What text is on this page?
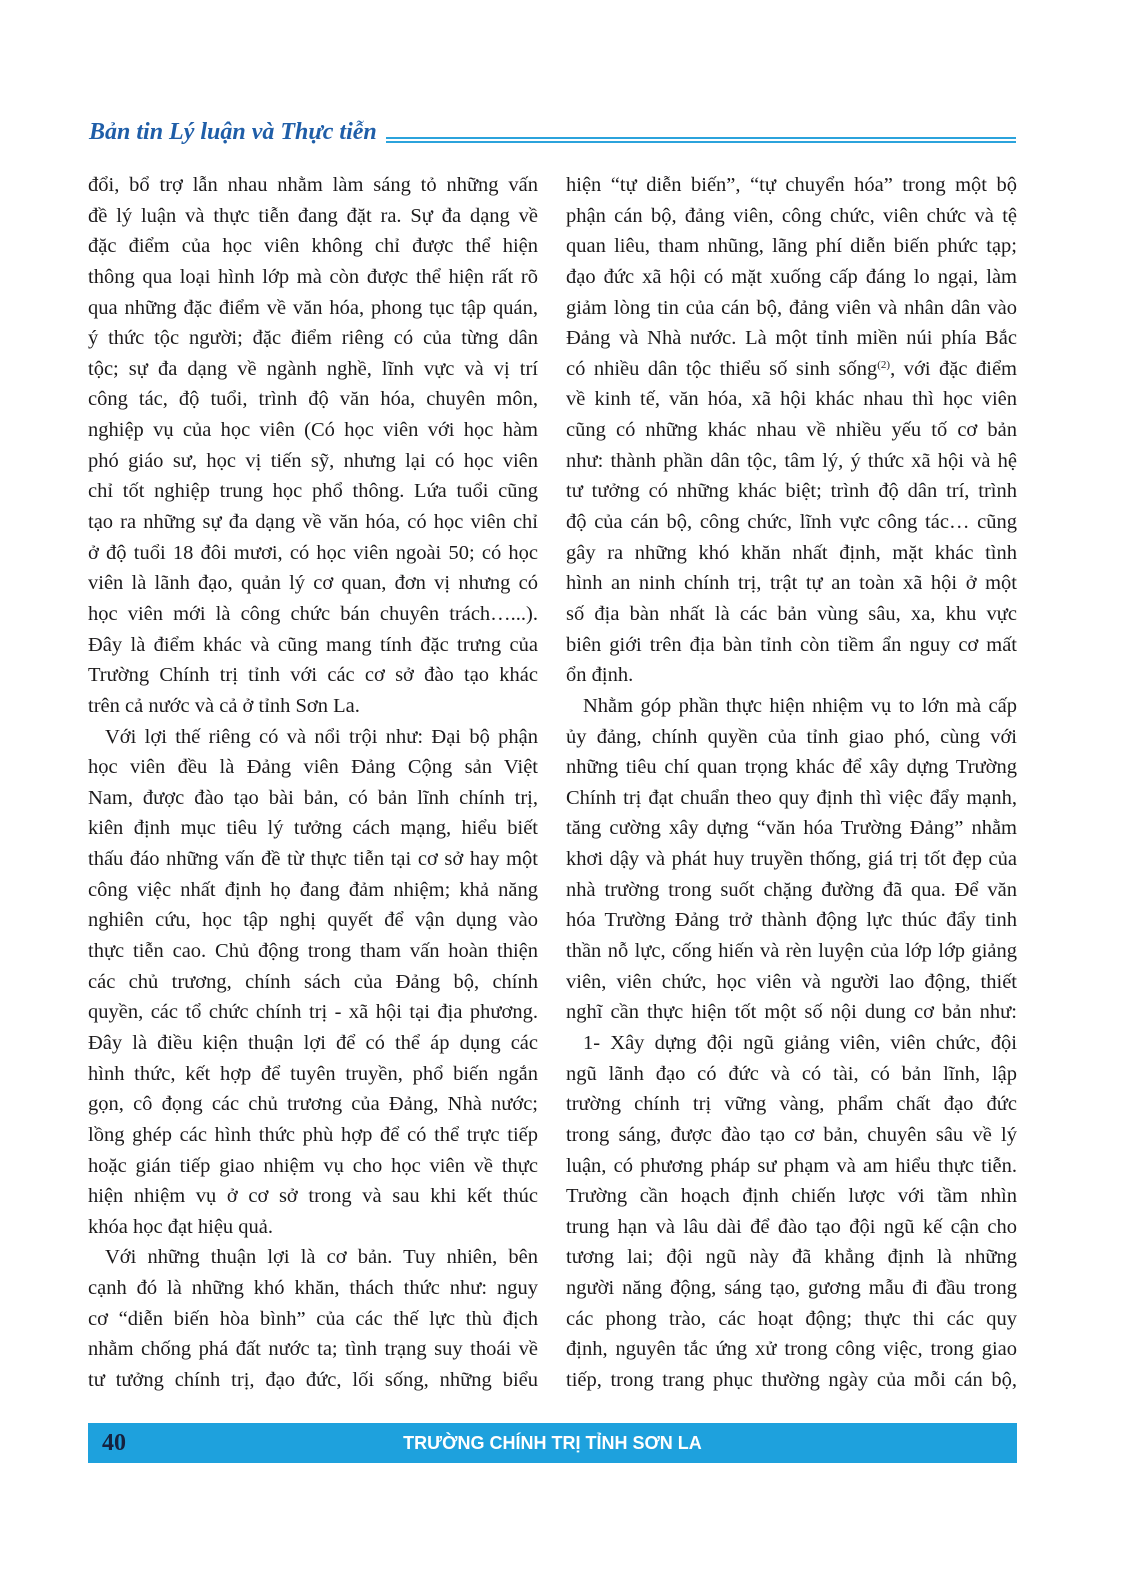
Bản tin Lý luận và Thực tiễn
đổi, bổ trợ lẫn nhau nhằm làm sáng tỏ những vấn
đề lý luận và thực tiễn đang đặt ra. Sự đa dạng về
đặc điểm của học viên không chỉ được thể hiện
thông qua loại hình lớp mà còn được thể hiện rất rõ
qua những đặc điểm về văn hóa, phong tục tập quán,
ý thức tộc người; đặc điểm riêng có của từng dân
tộc; sự đa dạng về ngành nghề, lĩnh vực và vị trí
công tác, độ tuổi, trình độ văn hóa, chuyên môn,
nghiệp vụ của học viên (Có học viên với học hàm
phó giáo sư, học vị tiến sỹ, nhưng lại có học viên
chỉ tốt nghiệp trung học phổ thông. Lứa tuổi cũng
tạo ra những sự đa dạng về văn hóa, có học viên chỉ
ở độ tuổi 18 đôi mươi, có học viên ngoài 50; có học
viên là lãnh đạo, quản lý cơ quan, đơn vị nhưng có
học viên mới là công chức bán chuyên trách…...).
Đây là điểm khác và cũng mang tính đặc trưng của
Trường Chính trị tỉnh với các cơ sở đào tạo khác
trên cả nước và cả ở tỉnh Sơn La.
Với lợi thế riêng có và nổi trội như: Đại bộ phận
học viên đều là Đảng viên Đảng Cộng sản Việt
Nam, được đào tạo bài bản, có bản lĩnh chính trị,
kiên định mục tiêu lý tưởng cách mạng, hiểu biết
thấu đáo những vấn đề từ thực tiễn tại cơ sở hay một
công việc nhất định họ đang đảm nhiệm; khả năng
nghiên cứu, học tập nghị quyết để vận dụng vào
thực tiễn cao. Chủ động trong tham vấn hoàn thiện
các chủ trương, chính sách của Đảng bộ, chính
quyền, các tổ chức chính trị - xã hội tại địa phương.
Đây là điều kiện thuận lợi để có thể áp dụng các
hình thức, kết hợp để tuyên truyền, phổ biến ngắn
gọn, cô đọng các chủ trương của Đảng, Nhà nước;
lồng ghép các hình thức phù hợp để có thể trực tiếp
hoặc gián tiếp giao nhiệm vụ cho học viên về thực
hiện nhiệm vụ ở cơ sở trong và sau khi kết thúc
khóa học đạt hiệu quả.
Với những thuận lợi là cơ bản. Tuy nhiên, bên
cạnh đó là những khó khăn, thách thức như: nguy
cơ “diễn biến hòa bình” của các thế lực thù địch
nhằm chống phá đất nước ta; tình trạng suy thoái về
tư tưởng chính trị, đạo đức, lối sống, những biểu
hiện “tự diễn biến”, “tự chuyển hóa” trong một bộ
phận cán bộ, đảng viên, công chức, viên chức và tệ
quan liêu, tham nhũng, lãng phí diễn biến phức tạp;
đạo đức xã hội có mặt xuống cấp đáng lo ngại, làm
giảm lòng tin của cán bộ, đảng viên và nhân dân vào
Đảng và Nhà nước. Là một tỉnh miền núi phía Bắc
có nhiều dân tộc thiểu số sinh sống$^{(2)}$, với đặc điểm
về kinh tế, văn hóa, xã hội khác nhau thì học viên
cũng có những khác nhau về nhiều yếu tố cơ bản
như: thành phần dân tộc, tâm lý, ý thức xã hội và hệ
tư tưởng có những khác biệt; trình độ dân trí, trình
độ của cán bộ, công chức, lĩnh vực công tác… cũng
gây ra những khó khăn nhất định, mặt khác tình
hình an ninh chính trị, trật tự an toàn xã hội ở một
số địa bàn nhất là các bản vùng sâu, xa, khu vực
biên giới trên địa bàn tỉnh còn tiềm ẩn nguy cơ mất
ổn định.
Nhằm góp phần thực hiện nhiệm vụ to lớn mà cấp
ủy đảng, chính quyền của tỉnh giao phó, cùng với
những tiêu chí quan trọng khác để xây dựng Trường
Chính trị đạt chuẩn theo quy định thì việc đẩy mạnh,
tăng cường xây dựng “văn hóa Trường Đảng” nhằm
khơi dậy và phát huy truyền thống, giá trị tốt đẹp của
nhà trường trong suốt chặng đường đã qua. Để văn
hóa Trường Đảng trở thành động lực thúc đẩy tinh
thần nỗ lực, cống hiến và rèn luyện của lớp lớp giảng
viên, viên chức, học viên và người lao động, thiết
nghĩ cần thực hiện tốt một số nội dung cơ bản như:
1- Xây dựng đội ngũ giảng viên, viên chức, đội
ngũ lãnh đạo có đức và có tài, có bản lĩnh, lập
trường chính trị vững vàng, phẩm chất đạo đức
trong sáng, được đào tạo cơ bản, chuyên sâu về lý
luận, có phương pháp sư phạm và am hiểu thực tiễn.
Trường cần hoạch định chiến lược với tầm nhìn
trung hạn và lâu dài để đào tạo đội ngũ kế cận cho
tương lai; đội ngũ này đã khẳng định là những
người năng động, sáng tạo, gương mẫu đi đầu trong
các phong trào, các hoạt động; thực thi các quy
định, nguyên tắc ứng xử trong công việc, trong giao
tiếp, trong trang phục thường ngày của mỗi cán bộ,
40	TRƯỜNG CHÍNH TRỊ TỈNH SƠN LA
